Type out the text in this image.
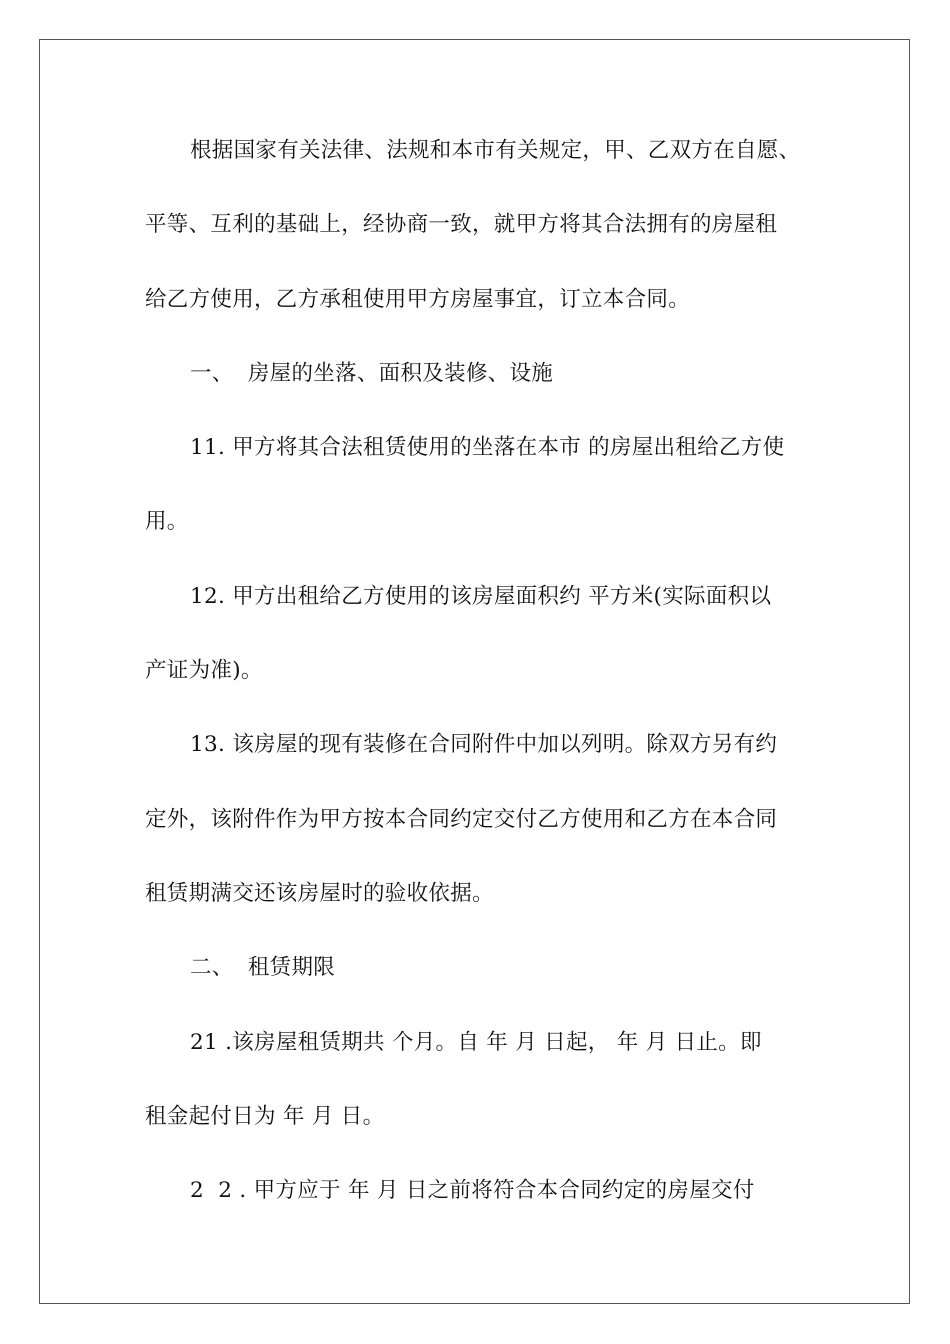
根据国家有关法律、法规和本市有关规定，甲、乙双方在自愿、
平等、互利的基础上，经协商一致，就甲方将其合法拥有的房屋租
给乙方使用，乙方承租使用甲方房屋事宜，订立本合同。
一、  房屋的坐落、面积及装修、设施
11. 甲方将其合法租赁使用的坐落在本市 的房屋出租给乙方使
用。
12. 甲方出租给乙方使用的该房屋面积约 平方米(实际面积以
产证为准)。
13. 该房屋的现有装修在合同附件中加以列明。除双方另有约
定外，该附件作为甲方按本合同约定交付乙方使用和乙方在本合同
租赁期满交还该房屋时的验收依据。
二、  租赁期限
21 .该房屋租赁期共 个月。自 年 月 日起， 年 月 日止。即
租金起付日为 年 月 日。
2  2 . 甲方应于 年 月 日之前将符合本合同约定的房屋交付
